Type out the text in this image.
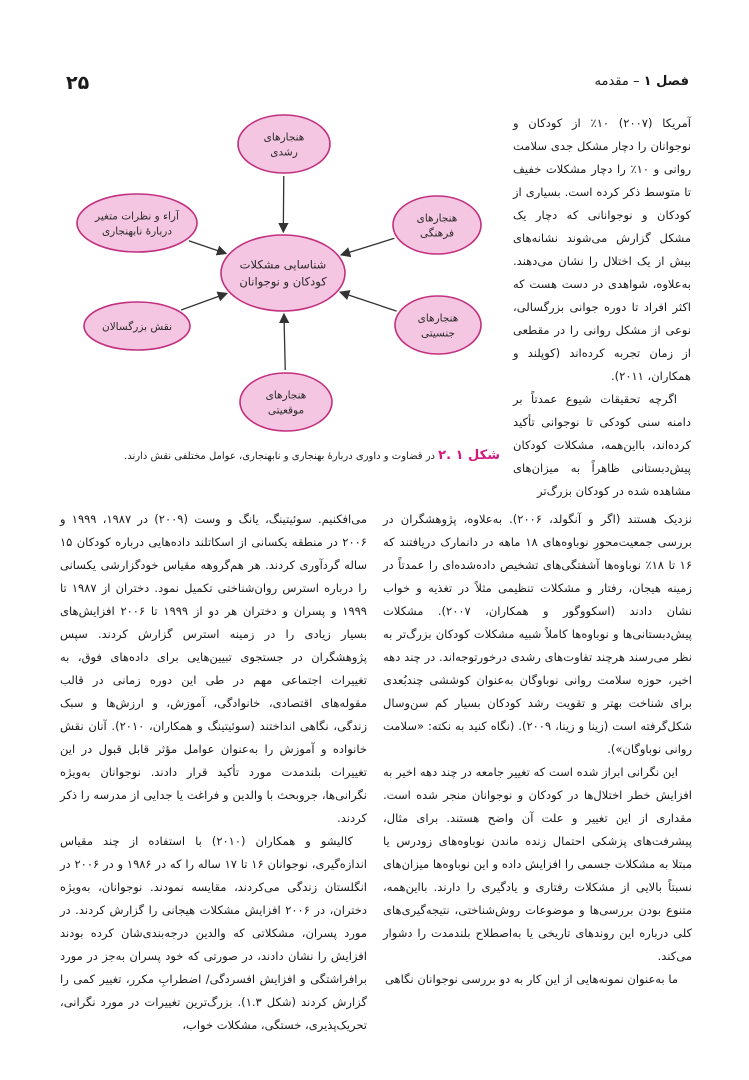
۲۵	فصل ۱ – مقدمه
شناسایی مشکلات
کودکان و نوجوانان
هنجارهای
رشدی
هنجارهای
فرهنگی
هنجارهای
جنسیتی
هنجارهای
موقعیتی
نقش بزرگسالان
آراء و نظرات متغیر
دربارهٔ نابهنجاری
شکل ۱ .۲ در قضاوت و داوری دربارهٔ بهنجاری و نابهنجاری، عوامل مختلفی نقش دارند.

آمریکا (۲۰۰۷) ۱۰٪ از کودکان و نوجوانان را دچار مشکل جدی سلامت روانی و ۱۰٪ را دچار مشکلات خفیف تا متوسط ذکر کرده است. بسیاری از کودکان و نوجوانانی که دچار یک مشکل گزارش می‌شوند نشانه‌های بیش از یک اختلال را نشان می‌دهند. به‌علاوه، شواهدی در دست هست که اکثر افراد تا دوره جوانی بزرگسالی، نوعی از مشکل روانی را در مقطعی از زمان تجربه کرده‌اند (کوپلند و همکاران، ۲۰۱۱).

اگرچه تحقیقات شیوع عمدتاً بر دامنه سنی کودکی تا نوجوانی تأکید کرده‌اند، بااین‌همه، مشکلات کودکان پیش‌دبستانی ظاهراً به میزان‌های مشاهده شده در کودکان بزرگ‌تر

نزدیک هستند (اگر و آنگولد، ۲۰۰۶). به‌علاوه، پژوهشگران در بررسی جمعیت‌محورِ نوباوه‌های ۱۸ ماهه در دانمارک دریافتند که ۱۶ تا ۱۸٪ نوباوه‌ها آشفتگی‌های تشخیص داده‌شده‌ای را عمدتاً در زمینه هیجان، رفتار و مشکلات تنظیمی مثلاً در تغذیه و خواب نشان دادند (اسکووگور و همکاران، ۲۰۰۷). مشکلات پیش‌دبستانی‌ها و نوباوه‌ها کاملاً شبیه مشکلات کودکان بزرگ‌تر به نظر می‌رسند هرچند تفاوت‌های رشدی درخورتوجه‌اند. در چند دهه اخیر، حوزه سلامت روانی نوباوگان به‌عنوان کوششی چندبُعدی برای شناخت بهتر و تقویت رشد کودکان بسیار کم سن‌وسال شکل‌گرفته است (زینا و زینا، ۲۰۰۹). (نگاه کنید به نکته: «سلامت روانی نوباوگان»).

این نگرانی ابراز شده است که تغییر جامعه در چند دهه اخیر به افزایش خطر اختلال‌ها در کودکان و نوجوانان منجر شده است. مقداری از این تغییر و علت آن واضح هستند. برای مثال، پیشرفت‌های پزشکی احتمال زنده ماندن نوباوه‌های زودرس یا مبتلا به مشکلات جسمی را افزایش داده و این نوباوه‌ها میزان‌های نسبتاً بالایی از مشکلات رفتاری و یادگیری را دارند. بااین‌همه، متنوع بودن بررسی‌ها و موضوعات روش‌شناختی، نتیجه‌گیری‌های کلی درباره این روندهای تاریخی یا به‌اصطلاح بلندمدت را دشوار می‌کند.

ما به‌عنوان نمونه‌هایی از این کار به دو بررسی نوجوانان نگاهی

می‌افکنیم. سوئیتینگ، یانگ و وست (۲۰۰۹) در ۱۹۸۷، ۱۹۹۹ و ۲۰۰۶ در منطقه یکسانی از اسکاتلند داده‌هایی درباره کودکان ۱۵ ساله گردآوری کردند. هر هم‌گروهه مقیاس خودگزارشی یکسانی را درباره استرس روان‌شناختی تکمیل نمود. دختران از ۱۹۸۷ تا ۱۹۹۹ و پسران و دختران هر دو از ۱۹۹۹ تا ۲۰۰۶ افزایش‌های بسیار زیادی را در زمینه استرس گزارش کردند. سپس پژوهشگران در جستجوی تبیین‌هایی برای داده‌های فوق، به تغییرات اجتماعی مهم در طی این دوره زمانی در قالب مقوله‌های اقتصادی، خانوادگی، آموزش، و ارزش‌ها و سبک زندگی، نگاهی انداختند (سوئیتینگ و همکاران، ۲۰۱۰). آنان نقش خانواده و آموزش را به‌عنوان عوامل مؤثر قابل قبول در این تغییرات بلندمدت مورد تأکید قرار دادند. نوجوانان به‌ویژه نگرانی‌ها، جروبحث با والدین و فراغت یا جدایی از مدرسه را ذکر کردند.

کالیشو و همکاران (۲۰۱۰) با استفاده از چند مقیاس اندازه‌گیری، نوجوانان ۱۶ تا ۱۷ ساله را که در ۱۹۸۶ و در ۲۰۰۶ در انگلستان زندگی می‌کردند، مقایسه نمودند. نوجوانان، به‌ویژه دختران، در ۲۰۰۶ افزایش مشکلات هیجانی را گزارش کردند. در مورد پسران، مشکلاتی که والدین درجه‌بندی‌شان کرده بودند افزایش را نشان دادند، در صورتی که خود پسران به‌جز در مورد برافراشتگی و افزایش افسردگی/ اضطرابِ مکرر، تغییر کمی را گزارش کردند (شکل ۱.۳). بزرگ‌ترین تغییرات در مورد نگرانی، تحریک‌پذیری، خستگی، مشکلات خواب،
